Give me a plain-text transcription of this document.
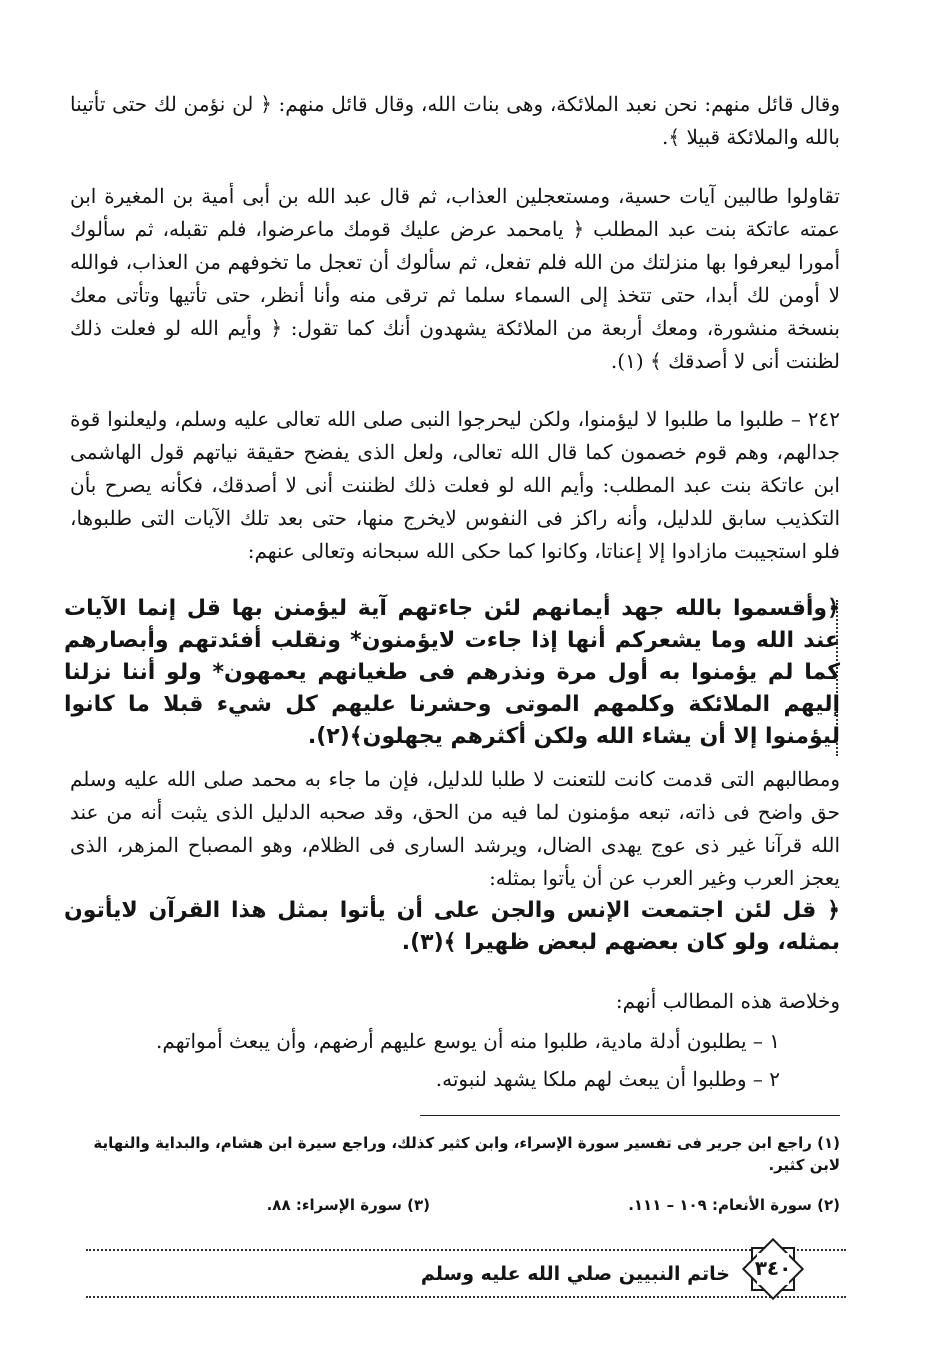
وقال قائل منهم: نحن نعبد الملائكة، وهى بنات الله، وقال قائل منهم: ﴿ لن نؤمن لك حتى تأتينا بالله والملائكة قبيلا ﴾.

تقاولوا طالبين آيات حسية، ومستعجلين العذاب، ثم قال عبد الله بن أبى أمية بن المغيرة ابن عمته عاتكة بنت عبد المطلب ﴿ يامحمد عرض عليك قومك ماعرضوا، فلم تقبله، ثم سألوك أمورا ليعرفوا بها منزلتك من الله فلم تفعل، ثم سألوك أن تعجل ما تخوفهم من العذاب، فوالله لا أومن لك أبدا، حتى تتخذ إلى السماء سلما ثم ترقى منه وأنا أنظر، حتى تأتيها وتأتى معك بنسخة منشورة، ومعك أربعة من الملائكة يشهدون أنك كما تقول: ﴿ وأيم الله لو فعلت ذلك لظننت أنى لا أصدقك ﴾ (١).

٢٤٢ – طلبوا ما طلبوا لا ليؤمنوا، ولكن ليحرجوا النبى صلى الله تعالى عليه وسلم، وليعلنوا قوة جدالهم، وهم قوم خصمون كما قال الله تعالى، ولعل الذى يفضح حقيقة نياتهم قول الهاشمى ابن عاتكة بنت عبد المطلب: وأيم الله لو فعلت ذلك لظننت أنى لا أصدقك، فكأنه يصرح بأن التكذيب سابق للدليل، وأنه راكز فى النفوس لايخرج منها، حتى بعد تلك الآيات التى طلبوها، فلو استجيبت مازادوا إلا إعناتا، وكانوا كما حكى الله سبحانه وتعالى عنهم:

﴿وأقسموا بالله جهد أيمانهم لئن جاءتهم آية ليؤمنن بها قل إنما الآيات عند الله وما يشعركم أنها إذا جاءت لايؤمنون* ونقلب أفئدتهم وأبصارهم كما لم يؤمنوا به أول مرة ونذرهم فى طغيانهم يعمهون* ولو أننا نزلنا إليهم الملائكة وكلمهم الموتى وحشرنا عليهم كل شيء قبلا ما كانوا ليؤمنوا إلا أن يشاء الله ولكن أكثرهم يجهلون﴾(٢).

ومطالبهم التى قدمت كانت للتعنت لا طلبا للدليل، فإن ما جاء به محمد صلى الله عليه وسلم حق واضح فى ذاته، تبعه مؤمنون لما فيه من الحق، وقد صحبه الدليل الذى يثبت أنه من عند الله قرآنا غير ذى عوج يهدى الضال، ويرشد السارى فى الظلام، وهو المصباح المزهر، الذى يعجز العرب وغير العرب عن أن يأتوا بمثله:

﴿ قل لئن اجتمعت الإنس والجن على أن يأتوا بمثل هذا القرآن لايأتون بمثله، ولو كان بعضهم لبعض ظهيرا ﴾(٣).

وخلاصة هذه المطالب أنهم:

١ – يطلبون أدلة مادية، طلبوا منه أن يوسع عليهم أرضهم، وأن يبعث أمواتهم.

٢ – وطلبوا أن يبعث لهم ملكا يشهد لنبوته.

(١) راجع ابن جرير فى تفسير سورة الإسراء، وابن كثير كذلك، وراجع سيرة ابن هشام، والبداية والنهاية لابن كثير.

(٢) سورة الأنعام: ١٠٩ – ١١١.
(٣) سورة الإسراء: ٨٨.
خاتم النبيين صلي الله عليه وسلم	٣٤٠
